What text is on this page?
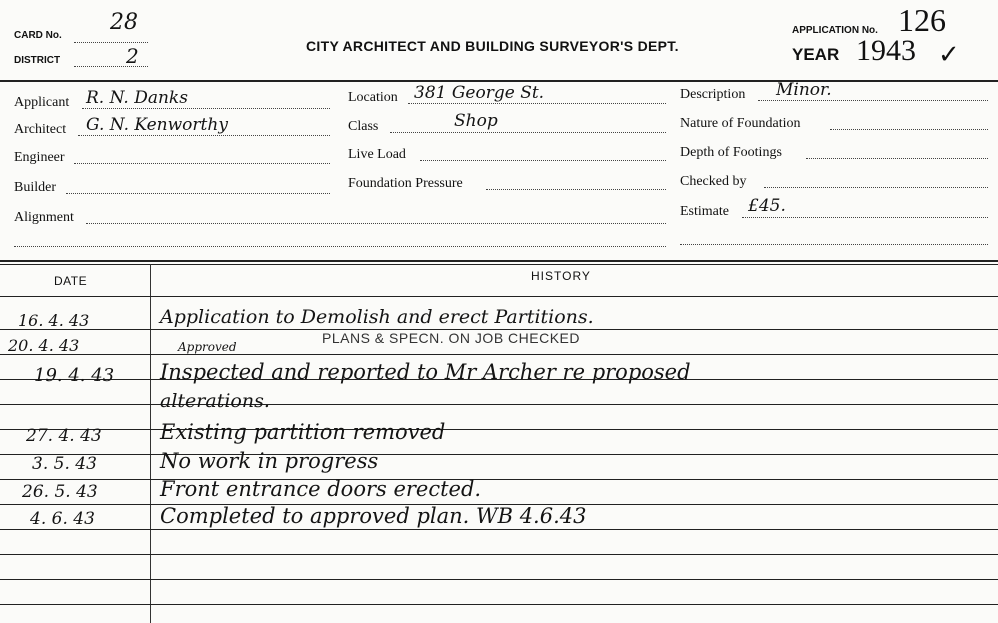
CARD No.
28
DISTRICT	2	CITY ARCHITECT AND BUILDING SURVEYOR'S DEPT.
APPLICATION No. 126
YEAR 1943 ✓
Applicant R. N. Danks
Architect G. N. Kenworthy
Engineer
Builder
Alignment
Location 381 George St.
Class	Shop
Live Load
Foundation Pressure
Description Minor.
Nature of Foundation
Depth of Footings
Checked by
Estimate £45.
DATE	HISTORY
16. 4. 43	Application to Demolish and erect Partitions.
20. 4. 43	Approved
PLANS & SPECN. ON JOB CHECKED
19. 4. 43 Inspected and reported to Mr Archer re proposed
alterations.
27. 4. 43	Existing partition removed
3. 5. 43	No work in progress
26. 5. 43	Front entrance doors erected.
4. 6. 43	Completed to approved plan. WB 4.6.43
